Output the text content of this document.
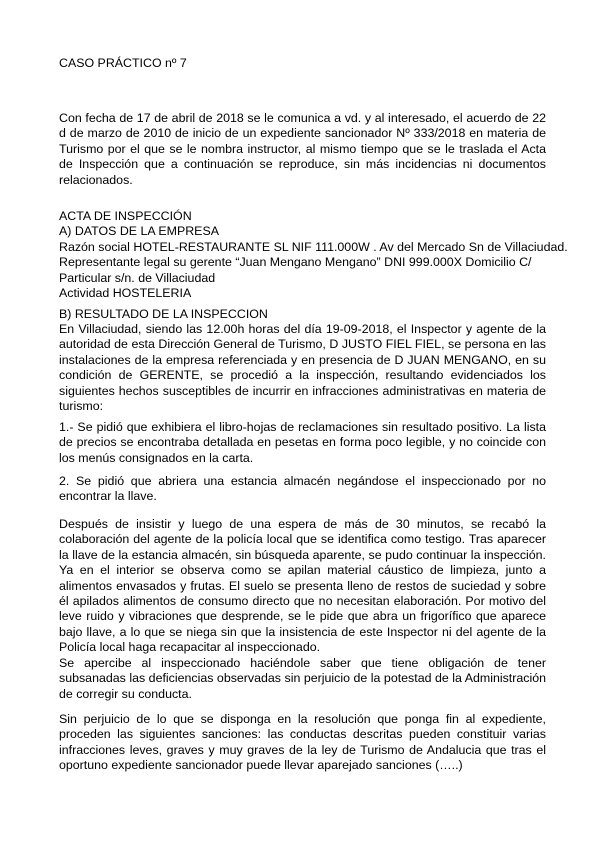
CASO PRÁCTICO nº 7

Con fecha de 17 de abril de 2018 se le comunica a vd. y al interesado, el acuerdo de 22 d de marzo de 2010 de inicio de un expediente sancionador Nº 333/2018 en materia de Turismo por el que se le nombra instructor, al mismo tiempo que se le traslada el Acta de Inspección que a continuación se reproduce, sin más incidencias ni documentos relacionados.

ACTA DE INSPECCIÓN

A) DATOS DE LA EMPRESA

Razón social HOTEL-RESTAURANTE SL NIF 111.000W . Av del Mercado Sn de Villaciudad.

Representante legal su gerente “Juan Mengano Mengano” DNI 999.000X Domicilio C/

Particular s/n. de Villaciudad

Actividad HOSTELERIA

B) RESULTADO DE LA INSPECCION

En Villaciudad, siendo las 12.00h horas del día 19-09-2018, el Inspector y agente de la autoridad de esta Dirección General de Turismo, D JUSTO FIEL FIEL, se persona en las instalaciones de la empresa referenciada y en presencia de D JUAN MENGANO, en su condición de GERENTE, se procedió a la inspección, resultando evidenciados los siguientes hechos susceptibles de incurrir en infracciones administrativas en materia de turismo:

1.- Se pidió que exhibiera el libro-hojas de reclamaciones sin resultado positivo. La lista de precios se encontraba detallada en pesetas en forma poco legible, y no coincide con los menús consignados en la carta.

2. Se pidió que abriera una estancia almacén negándose el inspeccionado por no encontrar la llave.

Después de insistir y luego de una espera de más de 30 minutos, se recabó la colaboración del agente de la policía local que se identifica como testigo. Tras aparecer la llave de la estancia almacén, sin búsqueda aparente, se pudo continuar la inspección. Ya en el interior se observa como se apilan material cáustico de limpieza, junto a alimentos envasados y frutas. El suelo se presenta lleno de restos de suciedad y sobre él apilados alimentos de consumo directo que no necesitan elaboración. Por motivo del leve ruido y vibraciones que desprende, se le pide que abra un frigorífico que aparece bajo llave, a lo que se niega sin que la insistencia de este Inspector ni del agente de la Policía local haga recapacitar al inspeccionado.

Se apercibe al inspeccionado haciéndole saber que tiene obligación de tener subsanadas las deficiencias observadas sin perjuicio de la potestad de la Administración de corregir su conducta.

Sin perjuicio de lo que se disponga en la resolución que ponga fin al expediente, proceden las siguientes sanciones: las conductas descritas pueden constituir varias infracciones leves, graves y muy graves de la ley de Turismo de Andalucia que tras el oportuno expediente sancionador puede llevar aparejado sanciones (…..)
